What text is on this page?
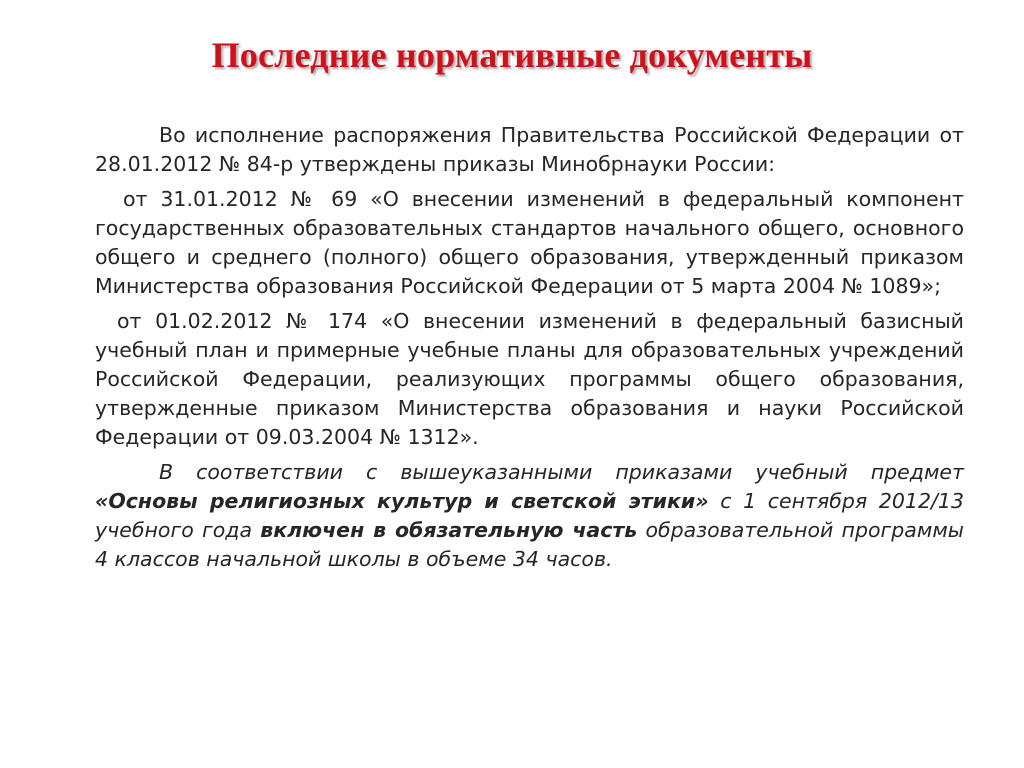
Последние нормативные документы

Во исполнение распоряжения Правительства Российской Федерации от 28.01.2012 № 84-р утверждены приказы Минобрнауки России:

от 31.01.2012 № 69 «О внесении изменений в федеральный компонент государственных образовательных стандартов начального общего, основного общего и среднего (полного) общего образования, утвержденный приказом Министерства образования Российской Федерации от 5 марта 2004 № 1089»;

от 01.02.2012 № 174 «О внесении изменений в федеральный базисный учебный план и примерные учебные планы для образовательных учреждений Российской Федерации, реализующих программы общего образования, утвержденные приказом Министерства образования и науки Российской Федерации от 09.03.2004 № 1312».

В соответствии с вышеуказанными приказами учебный предмет «Основы религиозных культур и светской этики» с 1 сентября 2012/13 учебного года включен в обязательную часть образовательной программы 4 классов начальной школы в объеме 34 часов.
